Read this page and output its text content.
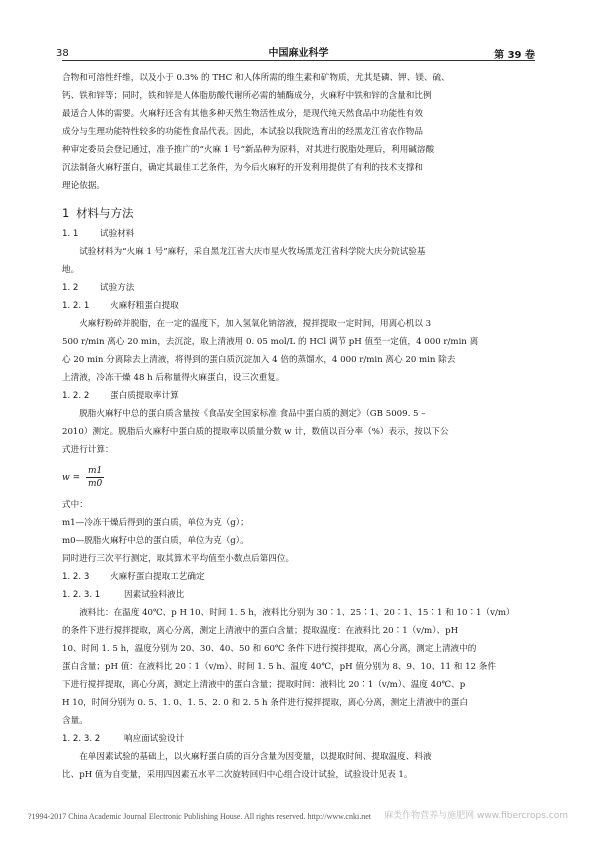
38	中国麻业科学	第 39 卷

合物和可溶性纤维，以及小于 0.3% 的 THC 和人体所需的维生素和矿物质，尤其是磷、钾、镁、硫、

钙、铁和锌等；同时，铁和锌是人体脂肪酸代谢所必需的辅酶成分，火麻籽中铁和锌的含量和比例

最适合人体的需要。火麻籽还含有其他多种天然生物活性成分，是现代纯天然食品中功能性有效

成分与生理功能特性较多的功能性食品代表。因此，本试验以我院选育出的经黑龙江省农作物品

种审定委员会登记通过，准予推广的“火麻 1 号”新品种为原料，对其进行脱脂处理后，利用碱溶酸

沉法制备火麻籽蛋白，确定其最佳工艺条件，为今后火麻籽的开发利用提供了有利的技术支撑和

理论依据。

1 材料与方法

1. 1	试验材料

试验材料为“火麻 1 号”麻籽，采自黑龙江省大庆市星火牧场黑龙江省科学院大庆分院试验基

地。

1. 2	试验方法

1. 2. 1 火麻籽粗蛋白提取

火麻籽粉碎并脱脂，在一定的温度下，加入氢氧化钠溶液，搅拌提取一定时间，用离心机以 3

500 r/min 离心 20 min，去沉淀，取上清液用 0. 05 mol/L 的 HCl 调节 pH 值至一定值，4 000 r/min 离

心 20 min 分离除去上清液，将得到的蛋白质沉淀加入 4 倍的蒸馏水，4 000 r/min 离心 20 min 除去

上清液，冷冻干燥 48 h 后称量得火麻蛋白，设三次重复。

1. 2. 2 蛋白质提取率计算

脱脂火麻籽中总的蛋白质含量按《食品安全国家标准 食品中蛋白质的测定》（GB 5009. 5 –

2010）测定。脱脂后火麻籽中蛋白质的提取率以质量分数 w 计，数值以百分率（%）表示，按以下公

式进行计算：

$w = \frac{m1}{m0}$

式中：

m1—冷冻干燥后得到的蛋白质，单位为克（g）；

m0—脱脂火麻籽中总的蛋白质，单位为克（g）。

同时进行三次平行测定，取其算术平均值至小数点后第四位。

1. 2. 3 火麻籽蛋白提取工艺确定

1. 2. 3. 1	因素试验料液比

液料比：在温度 40℃、p H 10、时间 1. 5 h，液料比分别为 30∶1、25∶1、20∶1、15∶1 和 10∶1（v/m）

的条件下进行搅拌提取，离心分离，测定上清液中的蛋白含量；提取温度：在液料比 20∶1（v/m）、pH

10、时间 1. 5 h，温度分别为 20、30、40、50 和 60℃ 条件下进行搅拌提取，离心分离，测定上清液中的

蛋白含量；pH 值：在液料比 20∶1（v/m）、时间 1. 5 h、温度 40℃，pH 值分别为 8、9、10、11 和 12 条件

下进行搅拌提取，离心分离，测定上清液中的蛋白含量；提取时间：液料比 20∶1（v/m）、温度 40℃、p

H 10，时间分别为 0. 5、1. 0、1. 5、2. 0 和 2. 5 h 条件进行搅拌提取，离心分离，测定上清液中的蛋白

含量。

1. 2. 3. 2	响应面试验设计

在单因素试验的基础上，以火麻籽蛋白质的百分含量为因变量，以提取时间、提取温度、料液

比、pH 值为自变量，采用四因素五水平二次旋转回归中心组合设计试验，试验设计见表 1。

?1994-2017 China Academic Journal Electronic Publishing House. All rights reserved. http://www.cnki.net 麻类作物营养与施肥网 www.fibercrops.com
